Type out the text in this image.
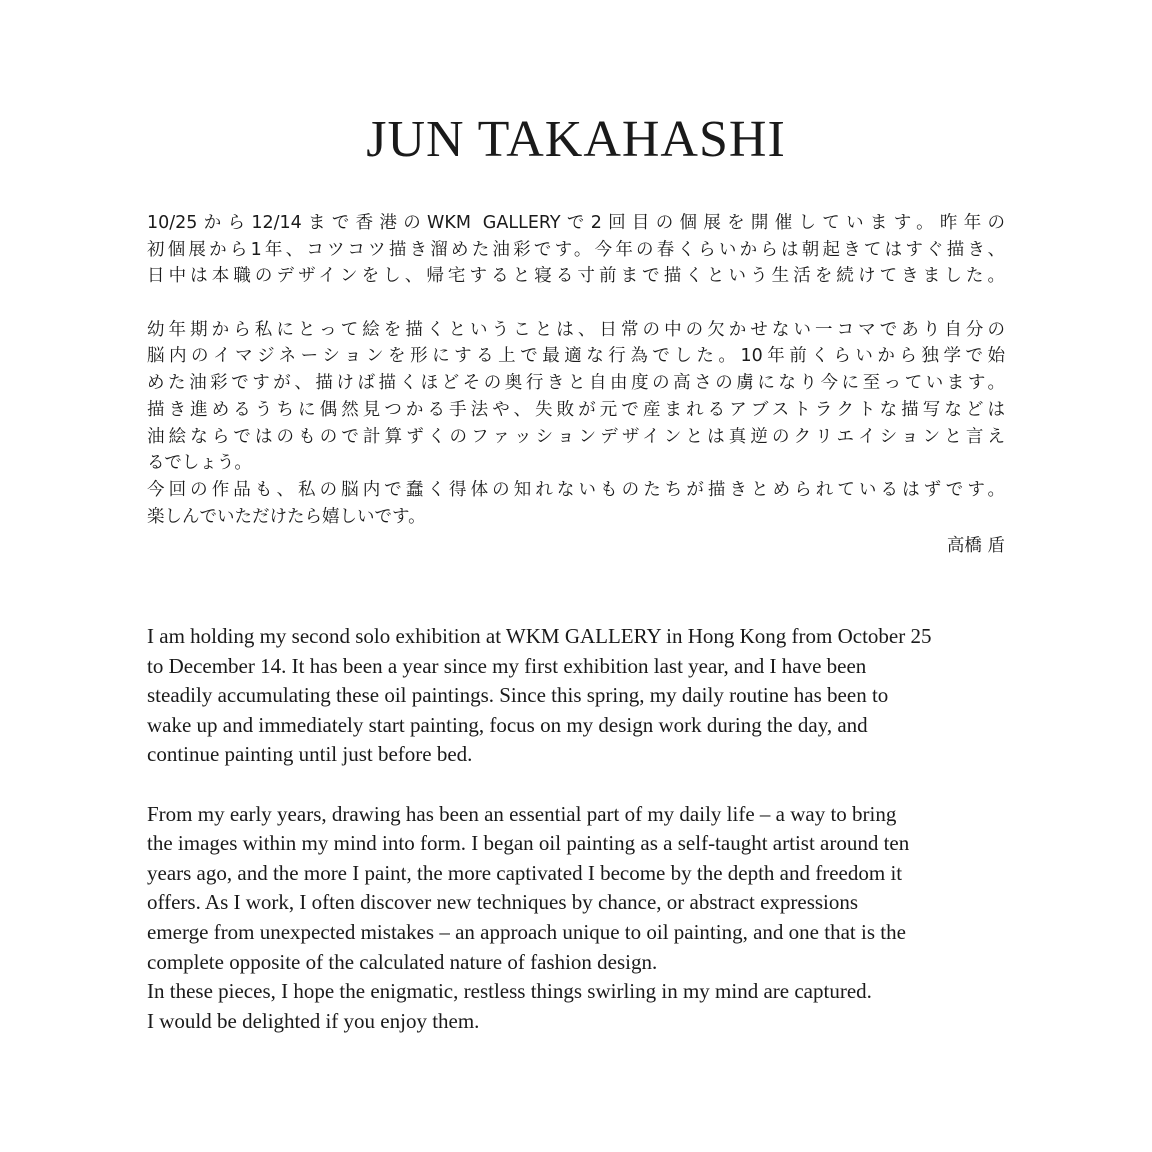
JUN TAKAHASHI
10/25から12/14まで香港のWKM GALLERYで2回目の個展を開催しています。昨年の
初個展から1年、コツコツ描き溜めた油彩です。今年の春くらいからは朝起きてはすぐ描き、
日中は本職のデザインをし、帰宅すると寝る寸前まで描くという生活を続けてきました。
幼年期から私にとって絵を描くということは、日常の中の欠かせない一コマであり自分の
脳内のイマジネーションを形にする上で最適な行為でした。10年前くらいから独学で始
めた油彩ですが、描けば描くほどその奥行きと自由度の高さの虜になり今に至っています。
描き進めるうちに偶然見つかる手法や、失敗が元で産まれるアブストラクトな描写などは
油絵ならではのもので計算ずくのファッションデザインとは真逆のクリエイションと言え
るでしょう。
今回の作品も、私の脳内で蠢く得体の知れないものたちが描きとめられているはずです。
楽しんでいただけたら嬉しいです。
高橋 盾
I am holding my second solo exhibition at WKM GALLERY in Hong Kong from October 25
to December 14. It has been a year since my first exhibition last year, and I have been
steadily accumulating these oil paintings. Since this spring, my daily routine has been to
wake up and immediately start painting, focus on my design work during the day, and
continue painting until just before bed.
From my early years, drawing has been an essential part of my daily life – a way to bring
the images within my mind into form. I began oil painting as a self-taught artist around ten
years ago, and the more I paint, the more captivated I become by the depth and freedom it
offers. As I work, I often discover new techniques by chance, or abstract expressions
emerge from unexpected mistakes – an approach unique to oil painting, and one that is the
complete opposite of the calculated nature of fashion design.
In these pieces, I hope the enigmatic, restless things swirling in my mind are captured.
I would be delighted if you enjoy them.
